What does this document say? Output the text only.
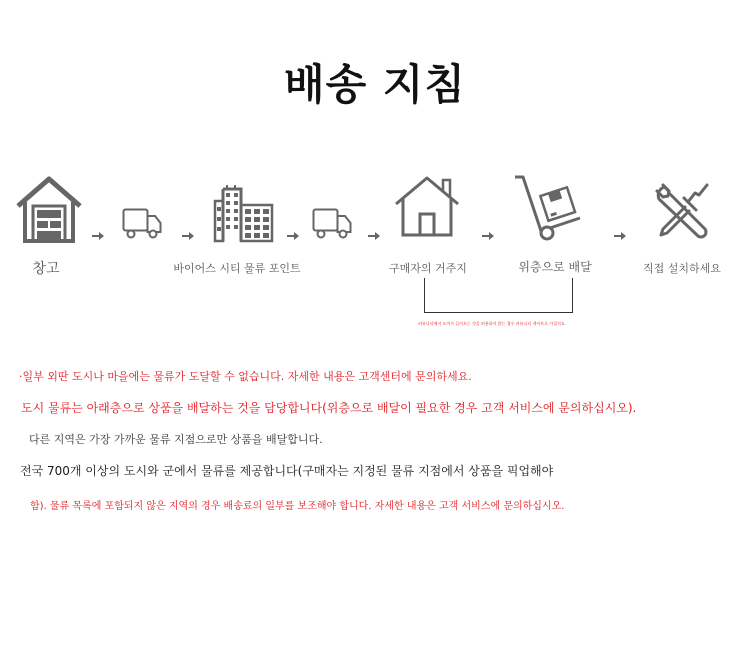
배송 지침
창고	바이어스 시티 물류 포인트	구매자의 거주지	위층으로 배달	직접 설치하세요
커뮤니티에서 도어가 들어오는 것을 허용하지 않는 경우 커뮤니티 게이트로 가집지요.
·일부 외딴 도시나 마을에는 물류가 도달할 수 없습니다. 자세한 내용은 고객센터에 문의하세요.
도시 물류는 아래층으로 상품을 배달하는 것을 담당합니다(위층으로 배달이 필요한 경우 고객 서비스에 문의하십시오).
다른 지역은 가장 가까운 물류 지점으로만 상품을 배달합니다.
전국 700개 이상의 도시와 군에서 물류를 제공합니다(구매자는 지정된 물류 지점에서 상품을 픽업해야
함). 물류 목록에 포함되지 않은 지역의 경우 배송료의 일부를 보조해야 합니다. 자세한 내용은 고객 서비스에 문의하십시오.
